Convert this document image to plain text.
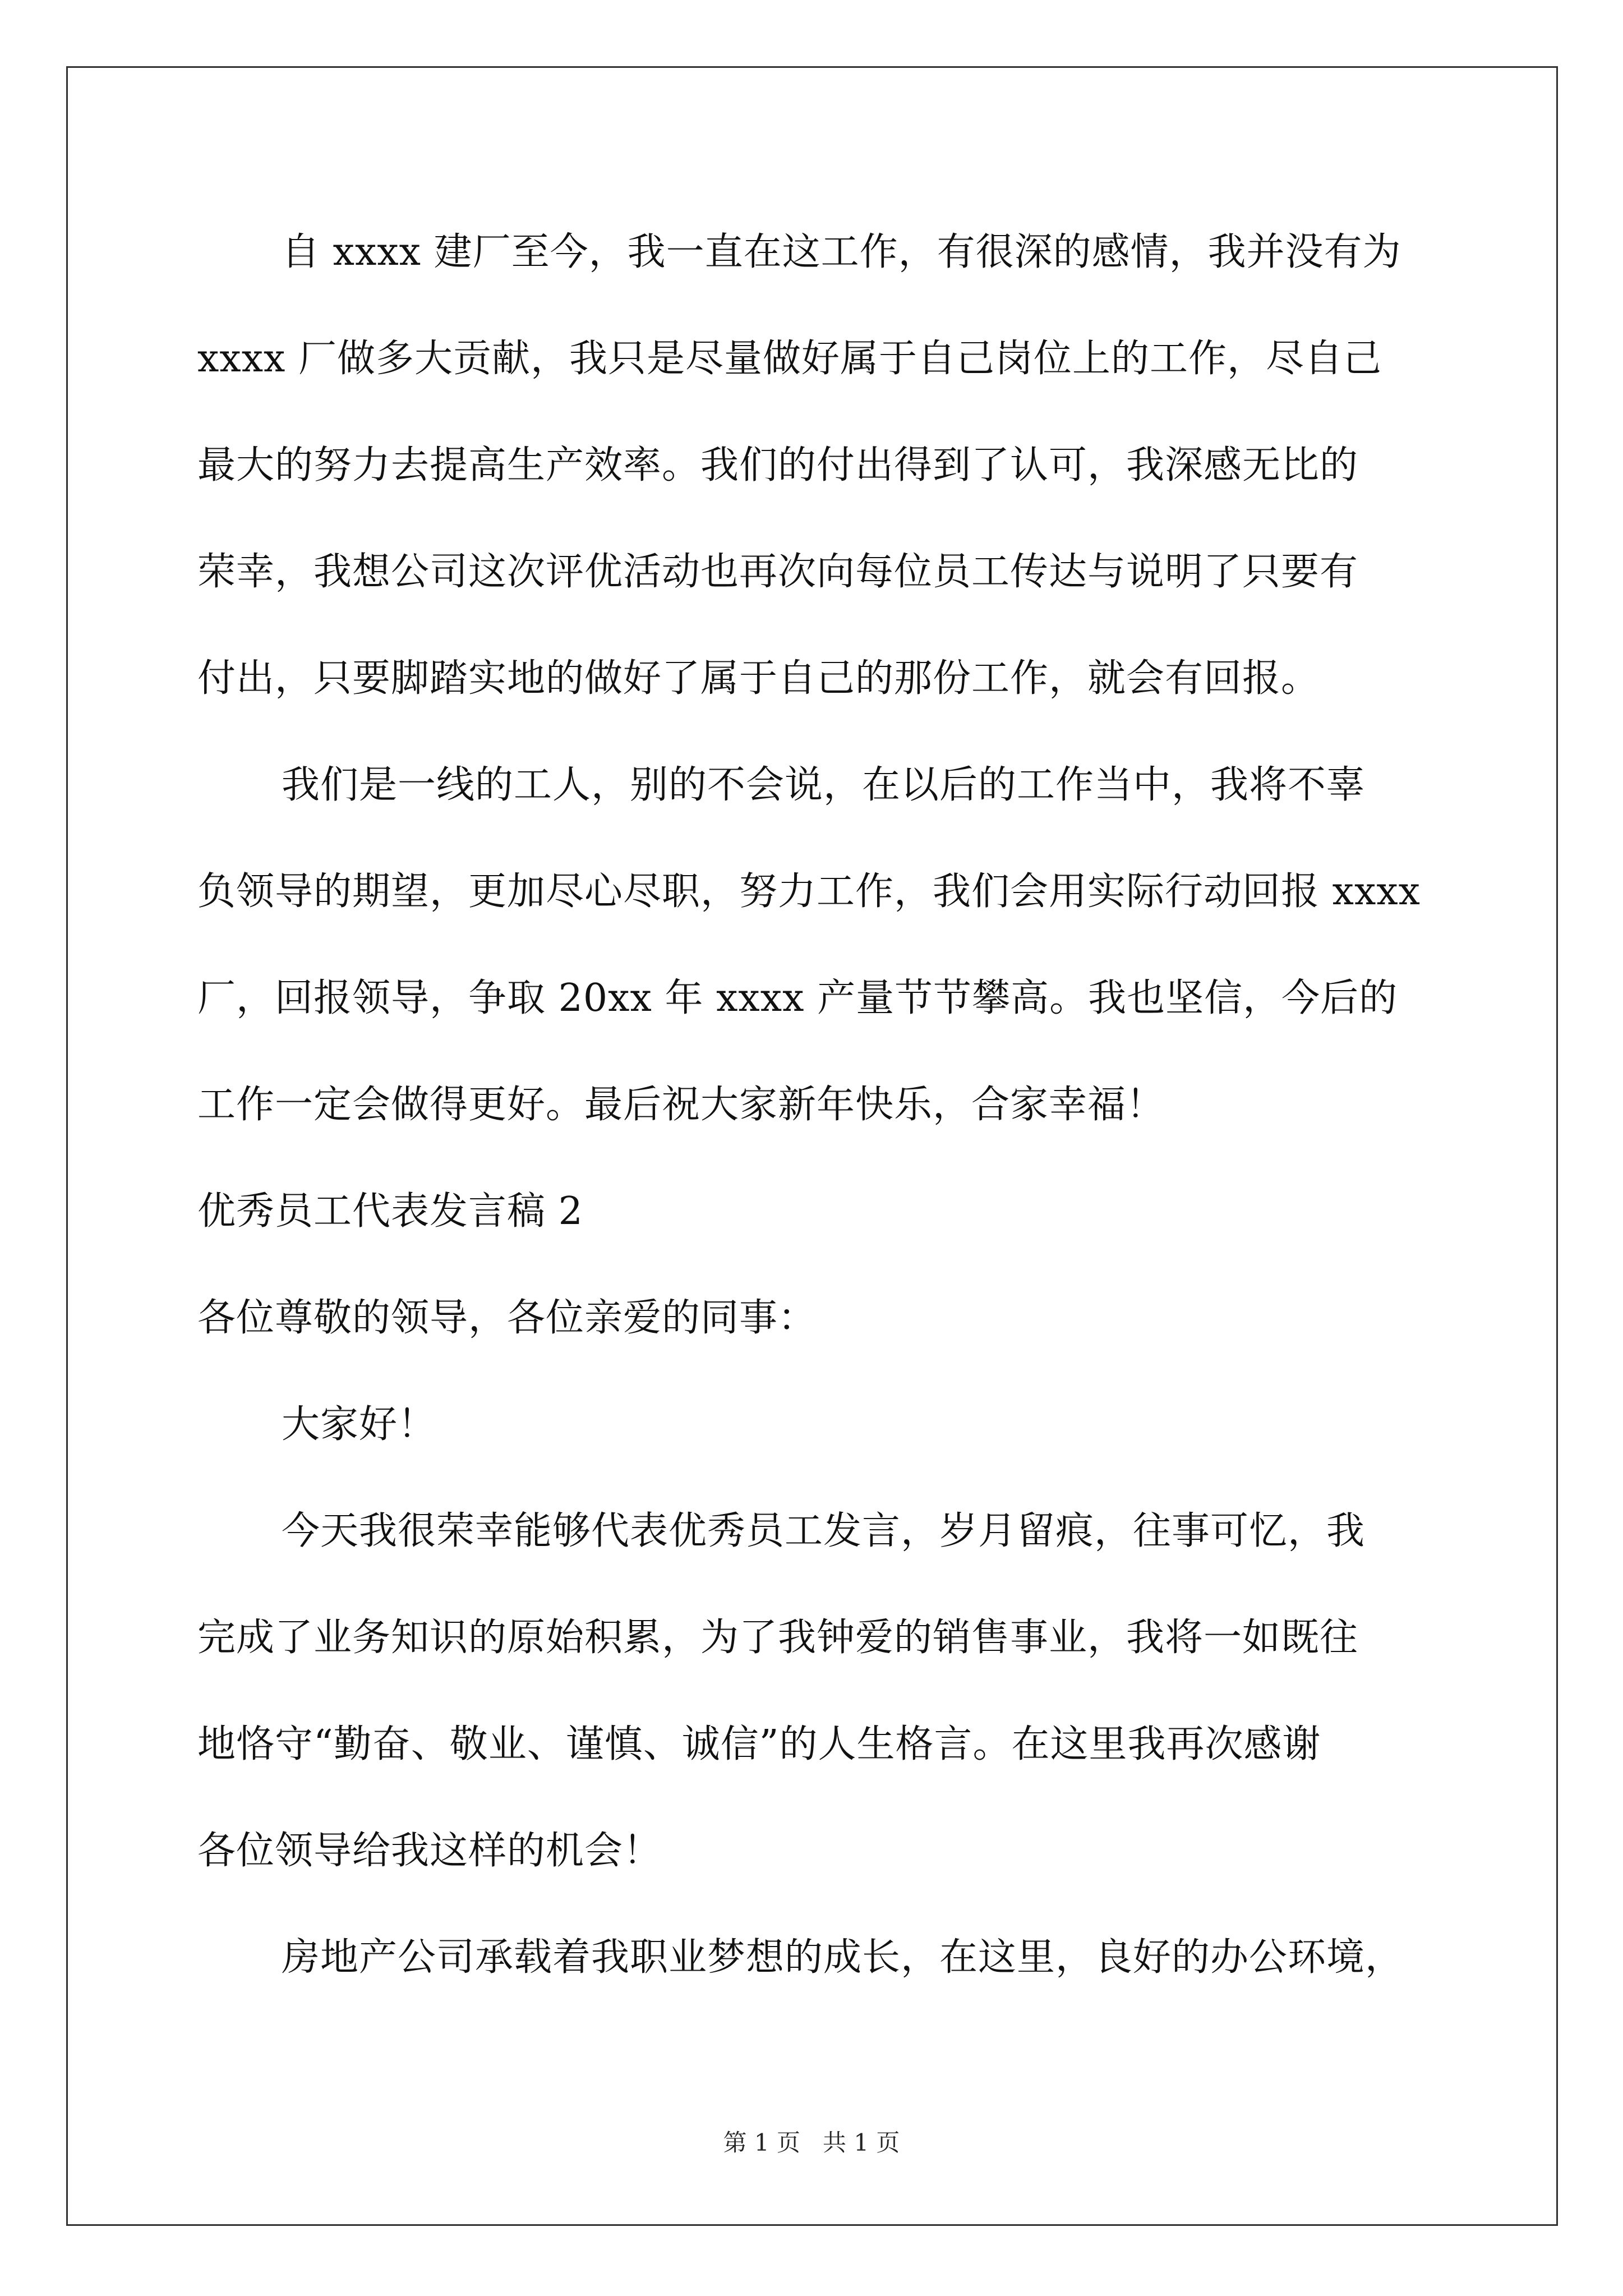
自 xxxx 建厂至今，我一直在这工作，有很深的感情，我并没有为
xxxx 厂做多大贡献，我只是尽量做好属于自己岗位上的工作，尽自己
最大的努力去提高生产效率。我们的付出得到了认可，我深感无比的
荣幸，我想公司这次评优活动也再次向每位员工传达与说明了只要有
付出，只要脚踏实地的做好了属于自己的那份工作，就会有回报。
我们是一线的工人，别的不会说，在以后的工作当中，我将不辜
负领导的期望，更加尽心尽职，努力工作，我们会用实际行动回报 xxxx
厂，回报领导，争取 20xx 年 xxxx 产量节节攀高。我也坚信，今后的
工作一定会做得更好。最后祝大家新年快乐，合家幸福！
优秀员工代表发言稿 2
各位尊敬的领导，各位亲爱的同事：
大家好！
今天我很荣幸能够代表优秀员工发言，岁月留痕，往事可忆，我
完成了业务知识的原始积累，为了我钟爱的销售事业，我将一如既往
地恪守“勤奋、敬业、谨慎、诚信”的人生格言。在这里我再次感谢
各位领导给我这样的机会！
房地产公司承载着我职业梦想的成长，在这里，良好的办公环境，
第 1 页 共 1 页
